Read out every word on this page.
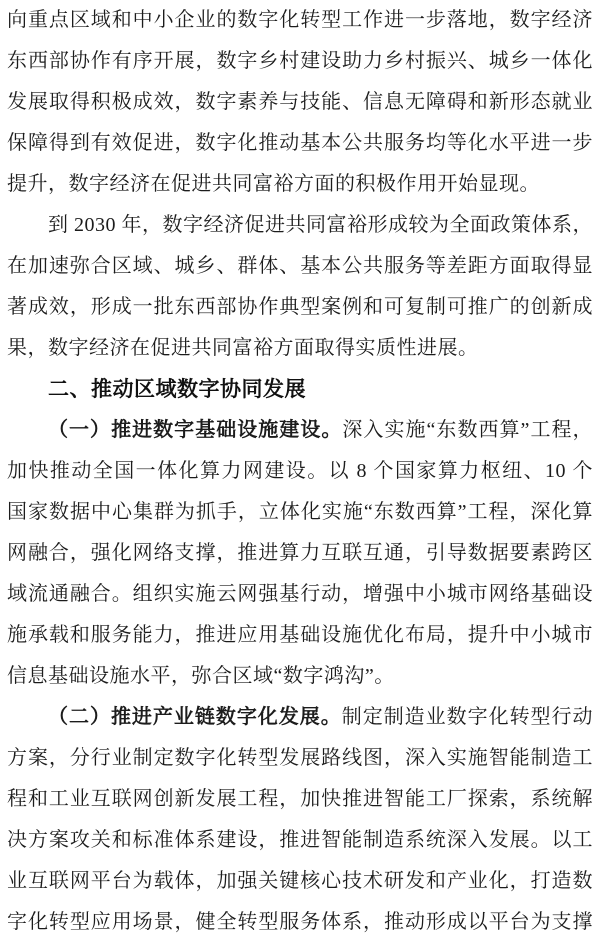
向重点区域和中小企业的数字化转型工作进一步落地，数字经济
东西部协作有序开展，数字乡村建设助力乡村振兴、城乡一体化
发展取得积极成效，数字素养与技能、信息无障碍和新形态就业
保障得到有效促进，数字化推动基本公共服务均等化水平进一步
提升，数字经济在促进共同富裕方面的积极作用开始显现。
到 2030 年，数字经济促进共同富裕形成较为全面政策体系，
在加速弥合区域、城乡、群体、基本公共服务等差距方面取得显
著成效，形成一批东西部协作典型案例和可复制可推广的创新成
果，数字经济在促进共同富裕方面取得实质性进展。
二、推动区域数字协同发展
（一）推进数字基础设施建设。深入实施“东数西算”工程，
加快推动全国一体化算力网建设。以 8 个国家算力枢纽、10 个
国家数据中心集群为抓手，立体化实施“东数西算”工程，深化算
网融合，强化网络支撑，推进算力互联互通，引导数据要素跨区
域流通融合。组织实施云网强基行动，增强中小城市网络基础设
施承载和服务能力，推进应用基础设施优化布局，提升中小城市
信息基础设施水平，弥合区域“数字鸿沟”。
（二）推进产业链数字化发展。制定制造业数字化转型行动
方案，分行业制定数字化转型发展路线图，深入实施智能制造工
程和工业互联网创新发展工程，加快推进智能工厂探索，系统解
决方案攻关和标准体系建设，推进智能制造系统深入发展。以工
业互联网平台为载体，加强关键核心技术研发和产业化，打造数
字化转型应用场景，健全转型服务体系，推动形成以平台为支撑
